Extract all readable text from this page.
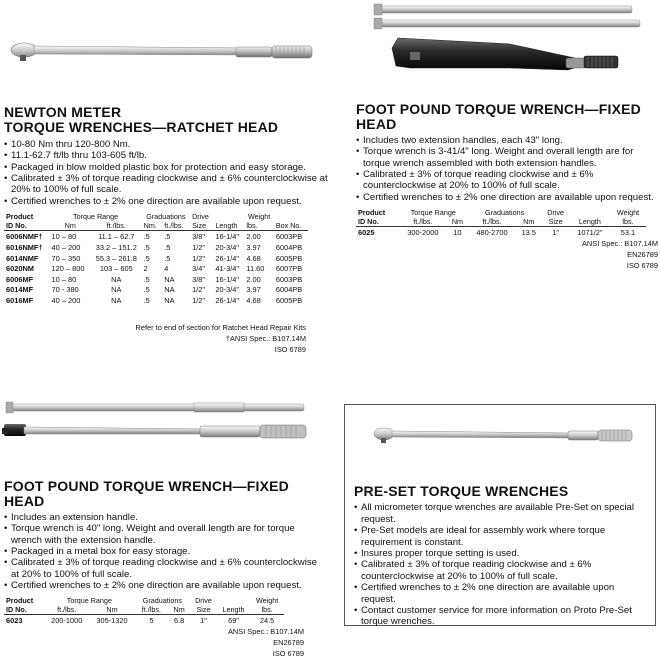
NEWTON METER
TORQUE WRENCHES—RATCHET HEAD
• 10-80 Nm thru 120-800 Nm.
• 11.1-62.7 ft/lb thru 103-605 ft/lb.
• Packaged in blow molded plastic box for protection and easy storage.
• Calibrated ± 3% of torque reading clockwise and ± 6% counterclockwise at 20% to 100% of full scale.
• Certified wrenches to ± 2% one direction are available upon request.
Product	Torque Range		Graduations		Drive		Weight	
ID No.	Nm	ft./lbs.	Nm.	ft./lbs.	Size	Length	lbs.	Box No.
6006NMF†	10 – 80	11.1 – 62.7	.5	.5	3/8"	16-1/4"	2.00	6003PB
6016NMF†	40 – 200	33.2 – 151.2	.5	.5	1/2"	20-3/4"	3.97	6004PB
6014NMF	70 – 350	55.3 – 261.8	.5	.5	1/2"	26-1/4"	4.68	6005PB
6020NM	120 – 800	103 – 605	2	4	3/4"	41-3/4"	11.60	6007PB
6006MF	10 – 80	NA	.5	NA	3/8"	16-1/4"	2.00	6003PB
6014MF	70 - 380	NA	.5	NA	1/2"	20-3/4"	3.97	6004PB
6016MF	40 – 200	NA	.5	NA	1/2"	26-1/4"	4.68	6005PB
Refer to end of section for Ratchet Head Repair Kits
†ANSI Spec.: B107.14M
ISO 6789
FOOT POUND TORQUE WRENCH—FIXED HEAD
• Includes two extension handles, each 43" long.
• Torque wrench is 3-41/4" long. Weight and overall length are for torque wrench assembled with both extension handles.
• Calibrated ± 3% of torque reading clockwise and ± 6% counterclockwise at 20% to 100% of full scale.
• Certified wrenches to ± 2% one direction are available upon request.
Product	Torque Range		Graduations		Drive		Weight
ID No.	ft./lbs.	Nm	ft./lbs.	Nm	Size	Length	lbs.
6025	300-2000	10	480-2700	13.5	1"	1071/2"	53.1
ANSI Spec.: B107.14M
EN26789
ISO 6789
FOOT POUND TORQUE WRENCH—FIXED HEAD
• Includes an extension handle.
• Torque wrench is 40" long. Weight and overall length are for torque wrench with the extension handle.
• Packaged in a metal box for easy storage.
• Calibrated ± 3% of torque reading clockwise and ± 6% counterclockwise at 20% to 100% of full scale.
• Certified wrenches to ± 2% one direction are available upon request.
Product	Torque Range		Graduations		Drive		Weight
ID No.	ft./lbs.	Nm	ft./lbs.	Nm	Size	Length	lbs.
6023	200-1000	305-1320	5	6.8	1"	69"	24.5
ANSI Spec.: B107.14M
EN26789
ISO 6789
PRE-SET TORQUE WRENCHES
• All micrometer torque wrenches are available Pre-Set on special request.
• Pre-Set models are ideal for assembly work where torque requirement is constant.
• Insures proper torque setting is used.
• Calibrated ± 3% of torque reading clockwise and ± 6% counterclockwise at 20% to 100% of full scale.
• Certified wrenches to ± 2% one direction are available upon request.
• Contact customer service for more information on Proto Pre-Set torque wrenches.
